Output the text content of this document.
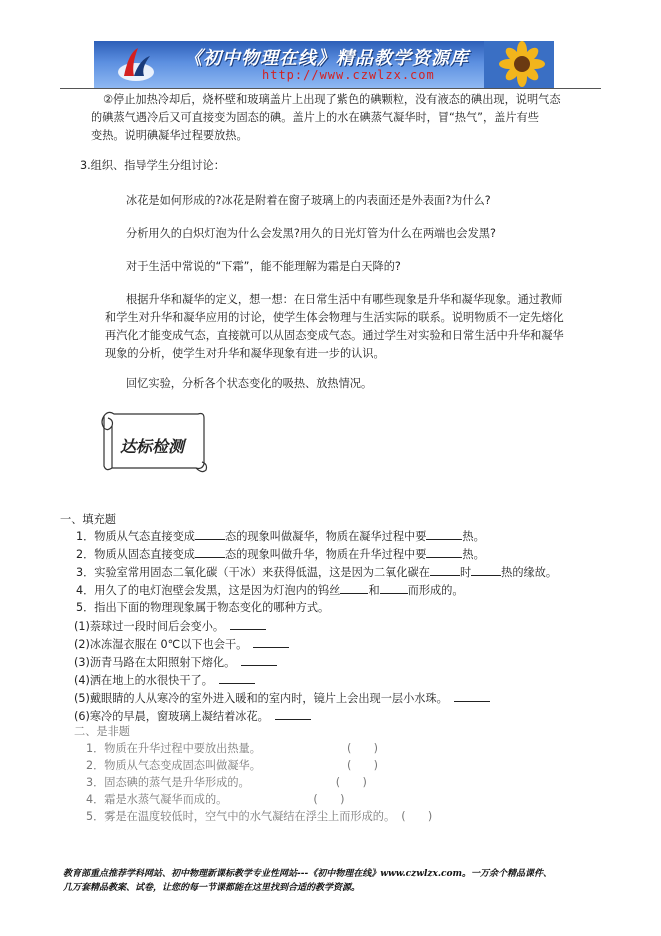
《初中物理在线》精品教学资源库
http://www.czwlzx.com
②停止加热冷却后，烧杯壁和玻璃盖片上出现了紫色的碘颗粒，没有液态的碘出现，说明气态
的碘蒸气遇冷后又可直接变为固态的碘。盖片上的水在碘蒸气凝华时，冒“热气”，盖片有些
变热。说明碘凝华过程要放热。
3.组织、指导学生分组讨论：
冰花是如何形成的?冰花是附着在窗子玻璃上的内表面还是外表面?为什么?
分析用久的白炽灯泡为什么会发黑?用久的日光灯管为什么在两端也会发黑?
对于生活中常说的“下霜”，能不能理解为霜是白天降的?
根据升华和凝华的定义，想一想：在日常生活中有哪些现象是升华和凝华现象。通过教师
和学生对升华和凝华应用的讨论，使学生体会物理与生活实际的联系。说明物质不一定先熔化
再汽化才能变成气态，直接就可以从固态变成气态。通过学生对实验和日常生活中升华和凝华
现象的分析，使学生对升华和凝华现象有进一步的认识。
回忆实验，分析各个状态变化的吸热、放热情况。
达标检测
一、填充题
1．物质从气态直接变成	态的现象叫做凝华，物质在凝华过程中要	热。
2．物质从固态直接变成	态的现象叫做升华，物质在升华过程中要	热。
3．实验室常用固态二氧化碳（干冰）来获得低温，这是因为二氧化碳在	时	热的缘故。
4．用久了的电灯泡壁会发黑，这是因为灯泡内的钨丝	和	而形成的。
5．指出下面的物理现象属于物态变化的哪种方式。
(1)萘球过一段时间后会变小。
(2)冰冻湿衣服在 0℃以下也会干。
(3)沥青马路在太阳照射下熔化。
(4)洒在地上的水很快干了。
(5)戴眼睛的人从寒冷的室外进入暖和的室内时，镜片上会出现一层小水珠。
(6)寒冷的早晨，窗玻璃上凝结着冰花。
二、是非题
1．物质在升华过程中要放出热量。	(　　)
2．物质从气态变成固态叫做凝华。	(　　)
3．固态碘的蒸气是升华形成的。	(　　)
4．霜是水蒸气凝华而成的。	(　　)
5．雾是在温度较低时，空气中的水气凝结在浮尘上而形成的。 (　　)
教育部重点推荐学科网站、初中物理新课标教学专业性网站---《初中物理在线》www.czwlzx.com。一万余个精品课件、
几万套精品教案、试卷，让您的每一节课都能在这里找到合适的教学资源。
